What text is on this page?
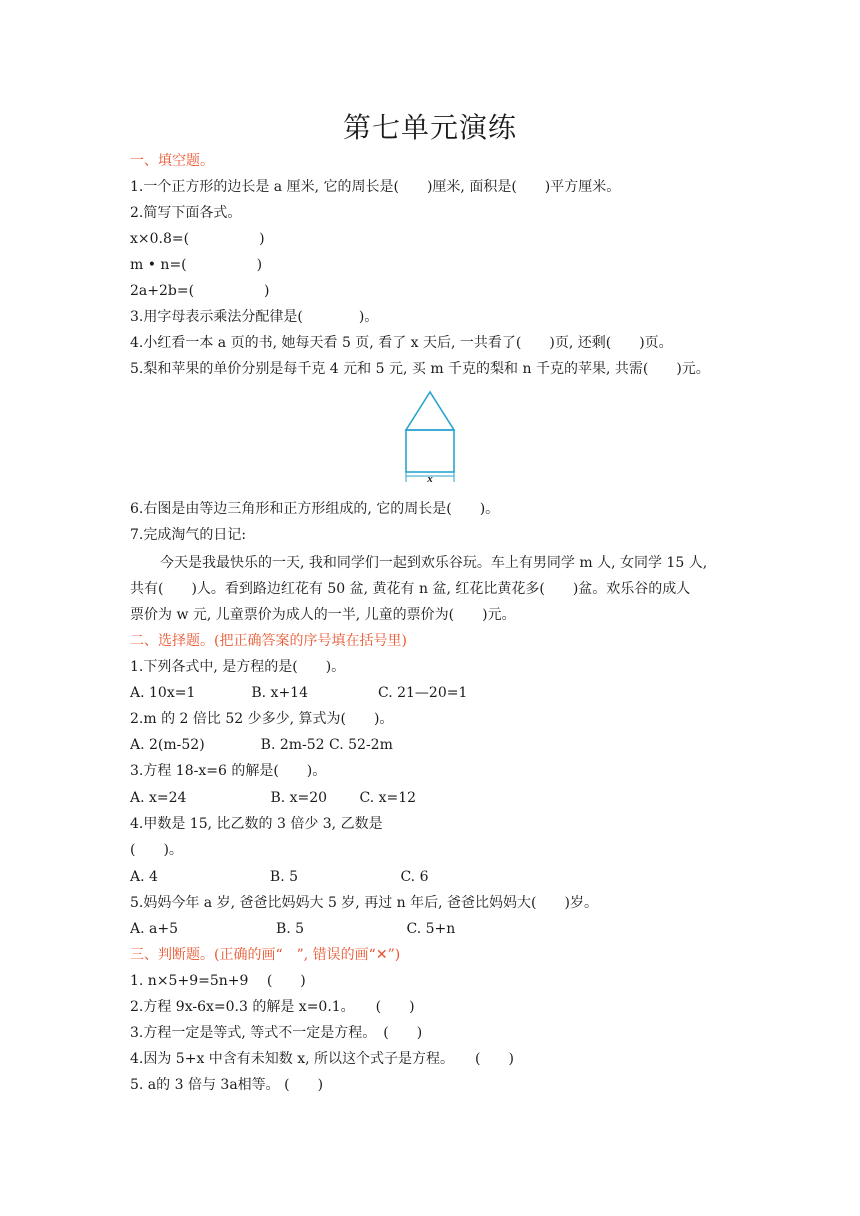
第七单元演练
一、填空题。
1.一个正方形的边长是 a 厘米, 它的周长是(　　)厘米, 面积是(　　)平方厘米。
2.简写下面各式。
x×0.8=(　　　　　)
m • n=(　　　　　)
2a+2b=(　　　　　)
3.用字母表示乘法分配律是(　　　　)。
4.小红看一本 a 页的书, 她每天看 5 页, 看了 x 天后, 一共看了(　　)页, 还剩(　　)页。
5.梨和苹果的单价分别是每千克 4 元和 5 元, 买 m 千克的梨和 n 千克的苹果, 共需(　　)元。
x
6.右图是由等边三角形和正方形组成的, 它的周长是(　　)。
7.完成淘气的日记:
今天是我最快乐的一天, 我和同学们一起到欢乐谷玩。车上有男同学 m 人, 女同学 15 人,
共有(　　)人。看到路边红花有 50 盆, 黄花有 n 盆, 红花比黄花多(　　)盆。欢乐谷的成人
票价为 w 元, 儿童票价为成人的一半, 儿童的票价为(　　)元。
二、选择题。(把正确答案的序号填在括号里)
1.下列各式中, 是方程的是(　　)。
A. 10x=1　　　　B. x+14　　　　　C. 21—20=1
2.m 的 2 倍比 52 少多少, 算式为(　　)。
A. 2(m-52)　　　　B. 2m-52 C. 52-2m
3.方程 18-x=6 的解是(　　)。
A. x=24　　　　　　B. x=20　　 C. x=12
4.甲数是 15, 比乙数的 3 倍少 3, 乙数是
(　　)。
A. 4　　　　　　　　B. 5　　　　　　　 C. 6
5.妈妈今年 a 岁, 爸爸比妈妈大 5 岁, 再过 n 年后, 爸爸比妈妈大(　　)岁。
A. a+5　　　　　　　B. 5　　　　　　　 C. 5+n
三、判断题。(正确的画“　”, 错误的画“✕”)
1. n×5+9=5n+9　 (　　)
2.方程 9x-6x=0.3 的解是 x=0.1。　　(　　)
3.方程一定是等式, 等式不一定是方程。　(　　)
4.因为 5+x 中含有未知数 x, 所以这个式子是方程。　　(　　)
5. a的 3 倍与 3a相等。 (　　)
